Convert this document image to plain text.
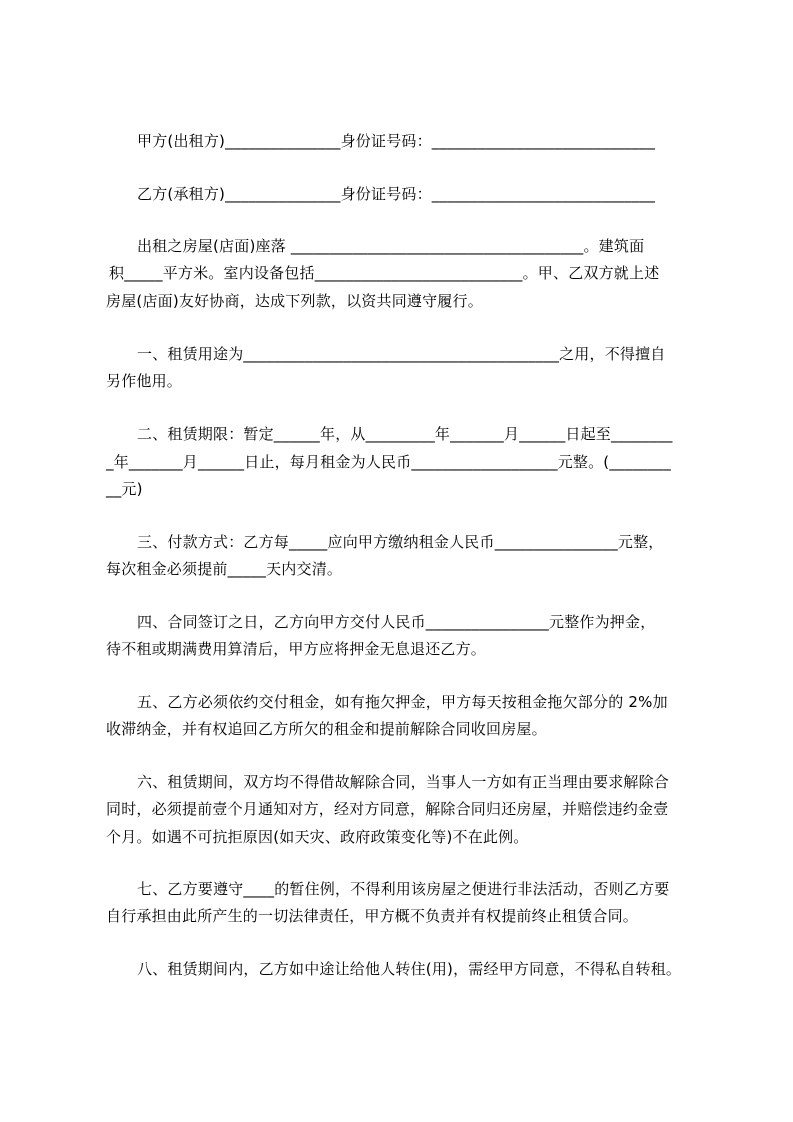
甲方(出租方)_______________身份证号码：_____________________________
乙方(承租方)_______________身份证号码：_____________________________
出租之房屋(店面)座落 ______________________________________。建筑面
积_____平方米。室内设备包括___________________________。甲、乙双方就上述
房屋(店面)友好协商，达成下列款，以资共同遵守履行。
一、租赁用途为_________________________________________之用，不得擅自
另作他用。
二、租赁期限：暂定______年，从_________年_______月______日起至________
_年_______月______日止，每月租金为人民币___________________元整。(________
__元)
三、付款方式：乙方每_____应向甲方缴纳租金人民币________________元整，
每次租金必须提前_____天内交清。
四、合同签订之日，乙方向甲方交付人民币________________元整作为押金，
待不租或期满费用算清后，甲方应将押金无息退还乙方。
五、乙方必须依约交付租金，如有拖欠押金，甲方每天按租金拖欠部分的 2%加
收滞纳金，并有权追回乙方所欠的租金和提前解除合同收回房屋。
六、租赁期间，双方均不得借故解除合同，当事人一方如有正当理由要求解除合
同时，必须提前壹个月通知对方，经对方同意，解除合同归还房屋，并赔偿违约金壹
个月。如遇不可抗拒原因(如天灾、政府政策变化等)不在此例。
七、乙方要遵守____的暂住例，不得利用该房屋之便进行非法活动，否则乙方要
自行承担由此所产生的一切法律责任，甲方概不负责并有权提前终止租赁合同。
八、租赁期间内，乙方如中途让给他人转住(用)，需经甲方同意，不得私自转租。
